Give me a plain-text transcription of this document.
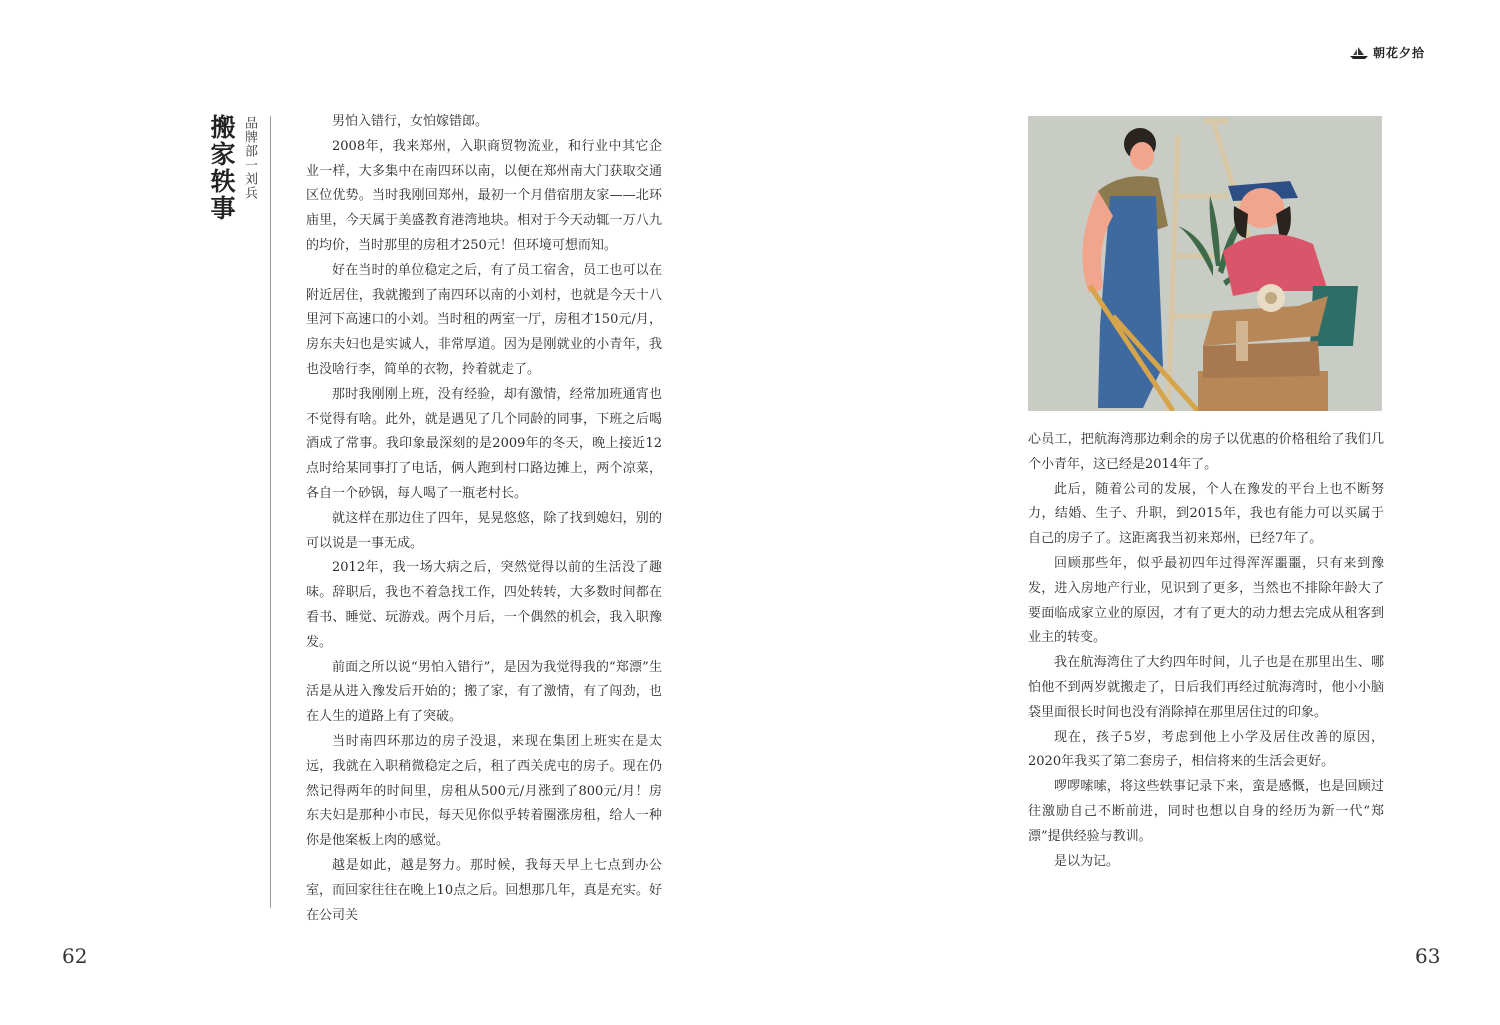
朝花夕拾
搬家轶事 品牌部一刘兵	男怕入错行，女怕嫁错郎。

2008年，我来郑州，入职商贸物流业，和行业中其它企业一样，大多集中在南四环以南，以便在郑州南大门获取交通区位优势。当时我刚回郑州，最初一个月借宿朋友家——北环庙里，今天属于美盛教育港湾地块。相对于今天动辄一万八九的均价，当时那里的房租才250元！但环境可想而知。

好在当时的单位稳定之后，有了员工宿舍，员工也可以在附近居住，我就搬到了南四环以南的小刘村，也就是今天十八里河下高速口的小刘。当时租的两室一厅，房租才150元/月，房东夫妇也是实诚人，非常厚道。因为是刚就业的小青年，我也没啥行李，简单的衣物，拎着就走了。

那时我刚刚上班，没有经验，却有激情，经常加班通宵也不觉得有啥。此外，就是遇见了几个同龄的同事，下班之后喝酒成了常事。我印象最深刻的是2009年的冬天，晚上接近12点时给某同事打了电话，俩人跑到村口路边摊上，两个凉菜，各自一个砂锅，每人喝了一瓶老村长。

就这样在那边住了四年，晃晃悠悠，除了找到媳妇，别的可以说是一事无成。

2012年，我一场大病之后，突然觉得以前的生活没了趣味。辞职后，我也不着急找工作，四处转转，大多数时间都在看书、睡觉、玩游戏。两个月后，一个偶然的机会，我入职豫发。

前面之所以说“男怕入错行”，是因为我觉得我的“郑漂”生活是从进入豫发后开始的；搬了家，有了激情，有了闯劲，也在人生的道路上有了突破。

当时南四环那边的房子没退，来现在集团上班实在是太远，我就在入职稍微稳定之后，租了西关虎屯的房子。现在仍然记得两年的时间里，房租从500元/月涨到了800元/月！房东夫妇是那种小市民，每天见你似乎转着圈涨房租，给人一种你是他案板上肉的感觉。

越是如此，越是努力。那时候，我每天早上七点到办公室，而回家往往在晚上10点之后。回想那几年，真是充实。好在公司关

62

心员工，把航海湾那边剩余的房子以优惠的价格租给了我们几个小青年，这已经是2014年了。

此后，随着公司的发展，个人在豫发的平台上也不断努力，结婚、生子、升职，到2015年，我也有能力可以买属于自己的房子了。这距离我当初来郑州，已经7年了。

回顾那些年，似乎最初四年过得浑浑噩噩，只有来到豫发，进入房地产行业，见识到了更多，当然也不排除年龄大了要面临成家立业的原因，才有了更大的动力想去完成从租客到业主的转变。

我在航海湾住了大约四年时间，儿子也是在那里出生、哪怕他不到两岁就搬走了，日后我们再经过航海湾时，他小小脑袋里面很长时间也没有消除掉在那里居住过的印象。

现在，孩子5岁，考虑到他上小学及居住改善的原因，2020年我买了第二套房子，相信将来的生活会更好。

啰啰嗦嗦，将这些轶事记录下来，蛮是感慨，也是回顾过往激励自己不断前进，同时也想以自身的经历为新一代“郑漂”提供经验与教训。

是以为记。

63
